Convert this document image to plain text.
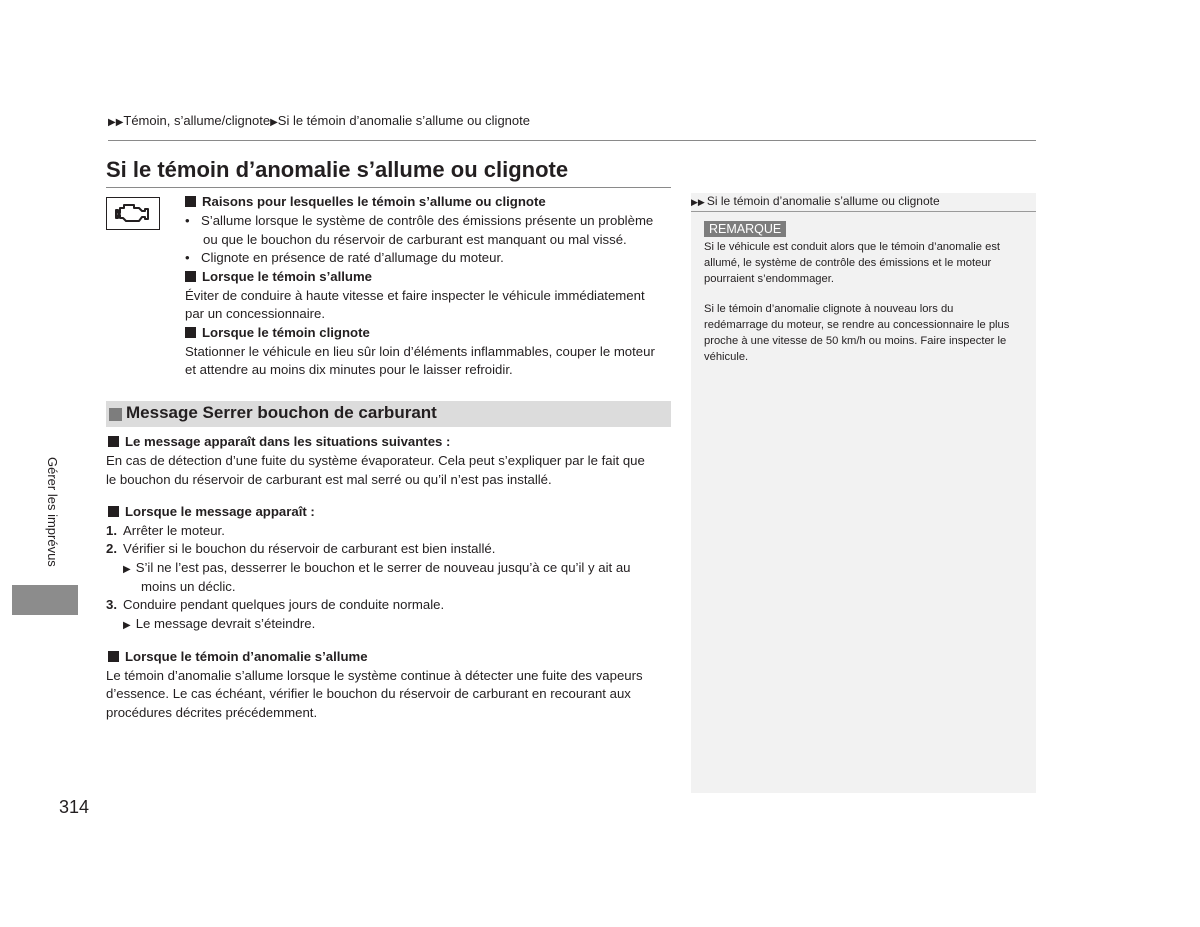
▶▶Témoin, s’allume/clignote▶Si le témoin d’anomalie s’allume ou clignote
Si le témoin d’anomalie s’allume ou clignote
Raisons pour lesquelles le témoin s’allume ou clignote
• S’allume lorsque le système de contrôle des émissions présente un problème
ou que le bouchon du réservoir de carburant est manquant ou mal vissé.
• Clignote en présence de raté d’allumage du moteur.
Lorsque le témoin s’allume
Éviter de conduire à haute vitesse et faire inspecter le véhicule immédiatement
par un concessionnaire.
Lorsque le témoin clignote
Stationner le véhicule en lieu sûr loin d’éléments inflammables, couper le moteur
et attendre au moins dix minutes pour le laisser refroidir.
Message Serrer bouchon de carburant
Le message apparaît dans les situations suivantes :
En cas de détection d’une fuite du système évaporateur. Cela peut s’expliquer par le fait que
le bouchon du réservoir de carburant est mal serré ou qu’il n’est pas installé.
Lorsque le message apparaît :
1. Arrêter le moteur.
2. Vérifier si le bouchon du réservoir de carburant est bien installé.
▶ S’il ne l’est pas, desserrer le bouchon et le serrer de nouveau jusqu’à ce qu’il y ait au
moins un déclic.
3. Conduire pendant quelques jours de conduite normale.
▶ Le message devrait s’éteindre.
Lorsque le témoin d’anomalie s’allume
Le témoin d’anomalie s’allume lorsque le système continue à détecter une fuite des vapeurs
d’essence. Le cas échéant, vérifier le bouchon du réservoir de carburant en recourant aux
procédures décrites précédemment.
▶▶ Si le témoin d’anomalie s’allume ou clignote
REMARQUE
Si le véhicule est conduit alors que le témoin d’anomalie est
allumé, le système de contrôle des émissions et le moteur
pourraient s’endommager.
Si le témoin d’anomalie clignote à nouveau lors du
redémarrage du moteur, se rendre au concessionnaire le plus
proche à une vitesse de 50 km/h ou moins. Faire inspecter le
véhicule.
Gérer les imprévus
314
